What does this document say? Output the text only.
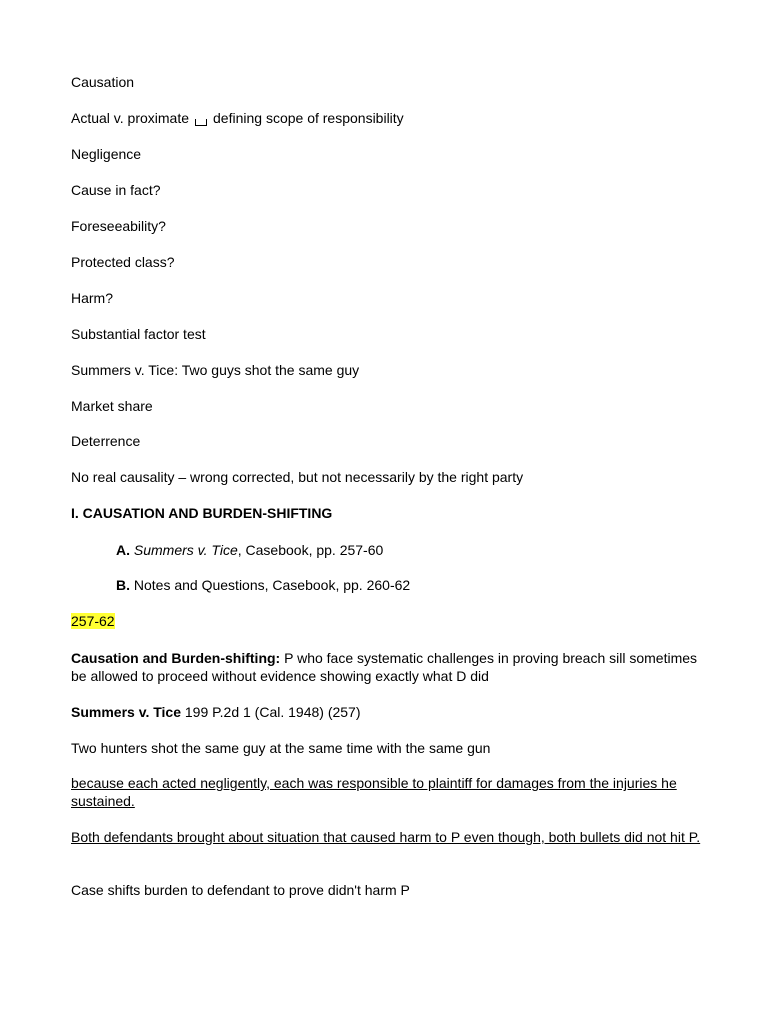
Causation
Actual v. proximate defining scope of responsibility
Negligence
Cause in fact?
Foreseeability?
Protected class?
Harm?
Substantial factor test
Summers v. Tice: Two guys shot the same guy
Market share
Deterrence
No real causality – wrong corrected, but not necessarily by the right party
I. CAUSATION AND BURDEN-SHIFTING
A. Summers v. Tice, Casebook, pp. 257-60
B. Notes and Questions, Casebook, pp. 260-62
257-62
Causation and Burden-shifting: P who face systematic challenges in proving breach sill sometimes be allowed to proceed without evidence showing exactly what D did
Summers v. Tice 199 P.2d 1 (Cal. 1948) (257)
Two hunters shot the same guy at the same time with the same gun
because each acted negligently, each was responsible to plaintiff for damages from the injuries he sustained.
Both defendants brought about situation that caused harm to P even though, both bullets did not hit P.
Case shifts burden to defendant to prove didn't harm P
